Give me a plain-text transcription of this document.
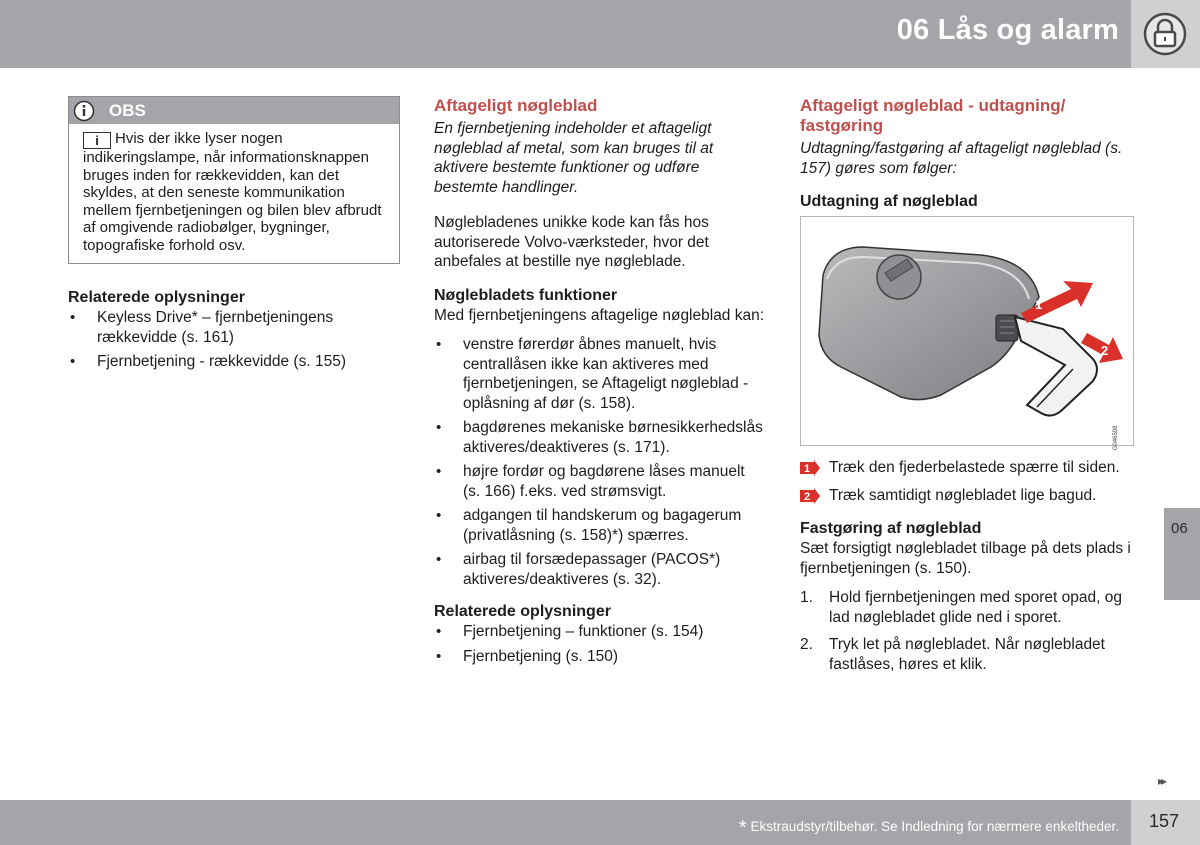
06 Lås og alarm
OBS
i Hvis der ikke lyser nogen indikeringslampe, når informationsknappen bruges inden for rækkevidden, kan det skyldes, at den seneste kommunikation mellem fjernbetjeningen og bilen blev afbrudt af omgivende radiobølger, bygninger, topografiske forhold osv.
Relaterede oplysninger
• Keyless Drive* – fjernbetjeningens rækkevidde (s. 161)
• Fjernbetjening - rækkevidde (s. 155)
Aftageligt nøgleblad

En fjernbetjening indeholder et aftageligt nøgleblad af metal, som kan bruges til at aktivere bestemte funktioner og udføre bestemte handlinger.

Nøglebladenes unikke kode kan fås hos autoriserede Volvo-værksteder, hvor det anbefales at bestille nye nøgleblade.

Nøglebladets funktioner

Med fjernbetjeningens aftagelige nøgleblad kan:

• venstre førerdør åbnes manuelt, hvis centrallåsen ikke kan aktiveres med fjernbetjeningen, se Aftageligt nøgleblad - oplåsning af dør (s. 158).
• bagdørenes mekaniske børnesikkerhedslås aktiveres/deaktiveres (s. 171).
• højre fordør og bagdørene låses manuelt (s. 166) f.eks. ved strømsvigt.
• adgangen til handskerum og bagagerum (privatlåsning (s. 158)*) spærres.
• airbag til forsædepassager (PACOS*) aktiveres/deaktiveres (s. 32).
Relaterede oplysninger
• Fjernbetjening – funktioner (s. 154)
• Fjernbetjening (s. 150)
Aftageligt nøgleblad - udtagning/ fastgøring

Udtagning/fastgøring af aftageligt nøgleblad (s. 157) gøres som følger:

Udtagning af nøgleblad
1
2
G046598
1 Træk den fjederbelastede spærre til siden.
2 Træk samtidigt nøglebladet lige bagud.
Fastgøring af nøgleblad

Sæt forsigtigt nøglebladet tilbage på dets plads i fjernbetjeningen (s. 150).

1. Hold fjernbetjeningen med sporet opad, og lad nøglebladet glide ned i sporet.
2. Tryk let på nøglebladet. Når nøglebladet fastlåses, høres et klik.
06
▸▸
* Ekstraudstyr/tilbehør. Se Indledning for nærmere enkeltheder. 157
